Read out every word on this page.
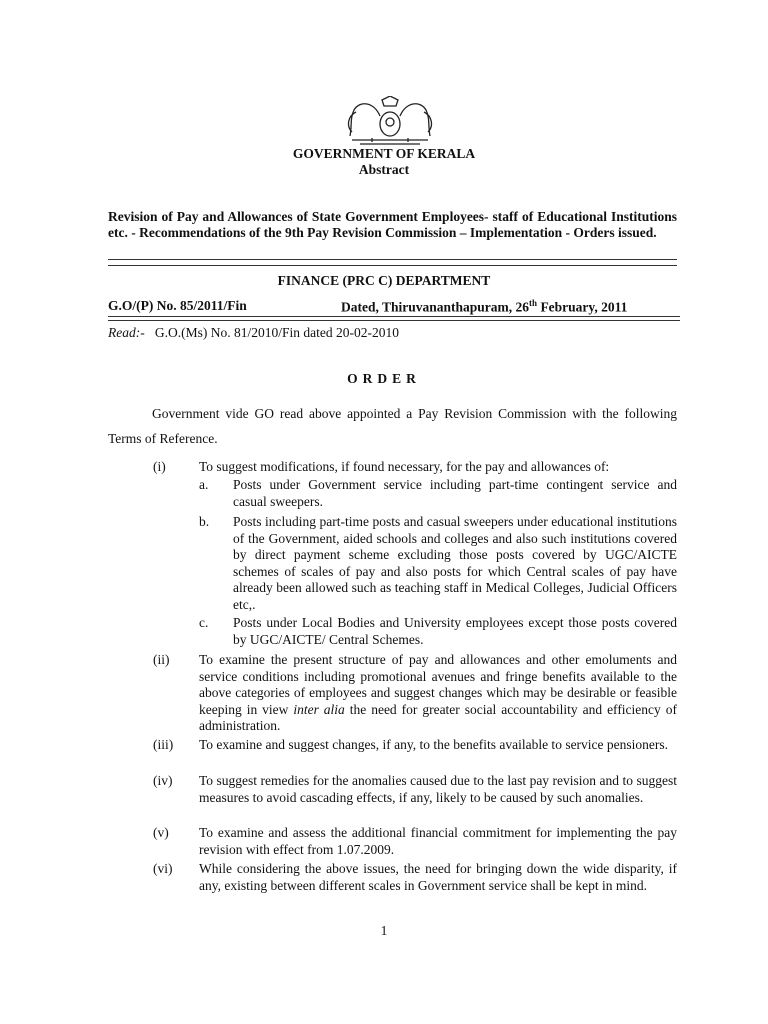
GOVERNMENT OF KERALA
Abstract
Revision of Pay and Allowances of State Government Employees- staff of Educational Institutions etc. - Recommendations of the 9th Pay Revision Commission – Implementation - Orders issued.
FINANCE (PRC C) DEPARTMENT
G.O/(P) No. 85/2011/Fin	Dated, Thiruvananthapuram, 26th February, 2011
Read:- G.O.(Ms) No. 81/2010/Fin dated 20-02-2010
ORDER
Government vide GO read above appointed a Pay Revision Commission with the following Terms of Reference.
(i) To suggest modifications, if found necessary, for the pay and allowances of:
a. Posts under Government service including part-time contingent service and casual sweepers.
b. Posts including part-time posts and casual sweepers under educational institutions of the Government, aided schools and colleges and also such institutions covered by direct payment scheme excluding those posts covered by UGC/AICTE schemes of scales of pay and also posts for which Central scales of pay have already been allowed such as teaching staff in Medical Colleges, Judicial Officers etc,.
c. Posts under Local Bodies and University employees except those posts covered by UGC/AICTE/ Central Schemes.
(ii) To examine the present structure of pay and allowances and other emoluments and service conditions including promotional avenues and fringe benefits available to the above categories of employees and suggest changes which may be desirable or feasible keeping in view inter alia the need for greater social accountability and efficiency of administration.
(iii) To examine and suggest changes, if any, to the benefits available to service pensioners.
(iv) To suggest remedies for the anomalies caused due to the last pay revision and to suggest measures to avoid cascading effects, if any, likely to be caused by such anomalies.
(v) To examine and assess the additional financial commitment for implementing the pay revision with effect from 1.07.2009.
(vi) While considering the above issues, the need for bringing down the wide disparity, if any, existing between different scales in Government service shall be kept in mind.
1
